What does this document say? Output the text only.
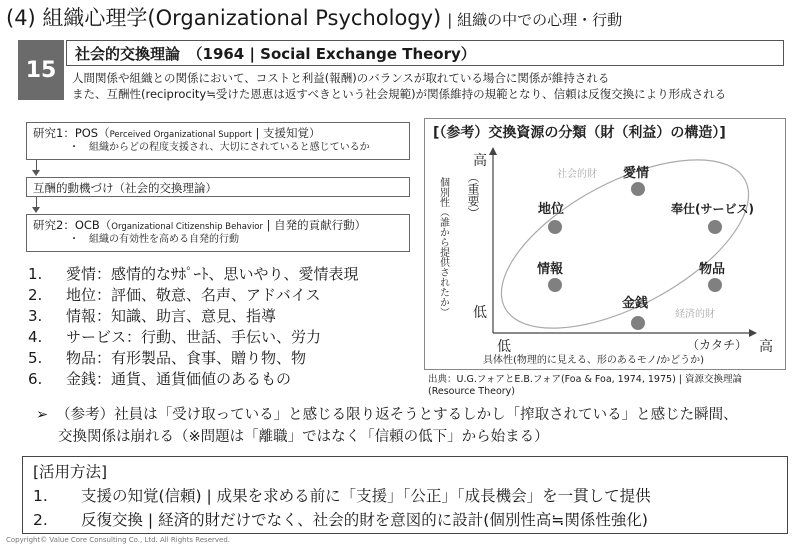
(4) 組織心理学(Organizational Psychology) | 組織の中での心理・行動
15
社会的交換理論　（1964 | Social Exchange Theory）
人間関係や組織との関係において、コストと利益(報酬)のバランスが取れている場合に関係が維持される
また、互酬性(reciprocity≒受けた恩恵は返すべきという社会規範)が関係維持の規範となり、信頼は反復交換により形成される
研究1：POS（Perceived Organizational Support | 支援知覚）
・　組織からどの程度支援され、大切にされていると感じているか
互酬的動機づけ（社会的交換理論）
研究2：OCB（Organizational Citizenship Behavior | 自発的貢献行動）
・　組織の有効性を高める自発的行動
1.	愛情：感情的なｻﾎﾟｰﾄ、思いやり、愛情表現
2.	地位：評価、敬意、名声、アドバイス
3.	情報：知識、助言、意見、指導
4.	サービス：行動、世話、手伝い、労力
5.	物品：有形製品、食事、贈り物、物
6.	金銭：通貨、通貨価値のあるもの
[（参考）交換資源の分類（財（利益）の構造）]
高
低
低	高
（カタチ）
具体性(物理的に見える、形のあるモノ/かどうか)
（重要）
個別性（誰から提供されたか）
社会的財
経済的財
愛情
地位	奉仕(サービス)
情報	物品
金銭
出典：U.G.フォアとE.B.フォア(Foa & Foa, 1974, 1975) | 資源交換理論
(Resource Theory)
➢ （参考）社員は「受け取っている」と感じる限り返そうとするしかし「搾取されている」と感じた瞬間、
交換関係は崩れる（※問題は「離職」ではなく「信頼の低下」から始まる）
[活用方法]
1.	支援の知覚(信頼) | 成果を求める前に「支援」「公正」「成長機会」を一貫して提供
2.	反復交換 | 経済的財だけでなく、社会的財を意図的に設計(個別性高≒関係性強化)
Copyright© Value Core Consulting Co., Ltd. All Rights Reserved.
